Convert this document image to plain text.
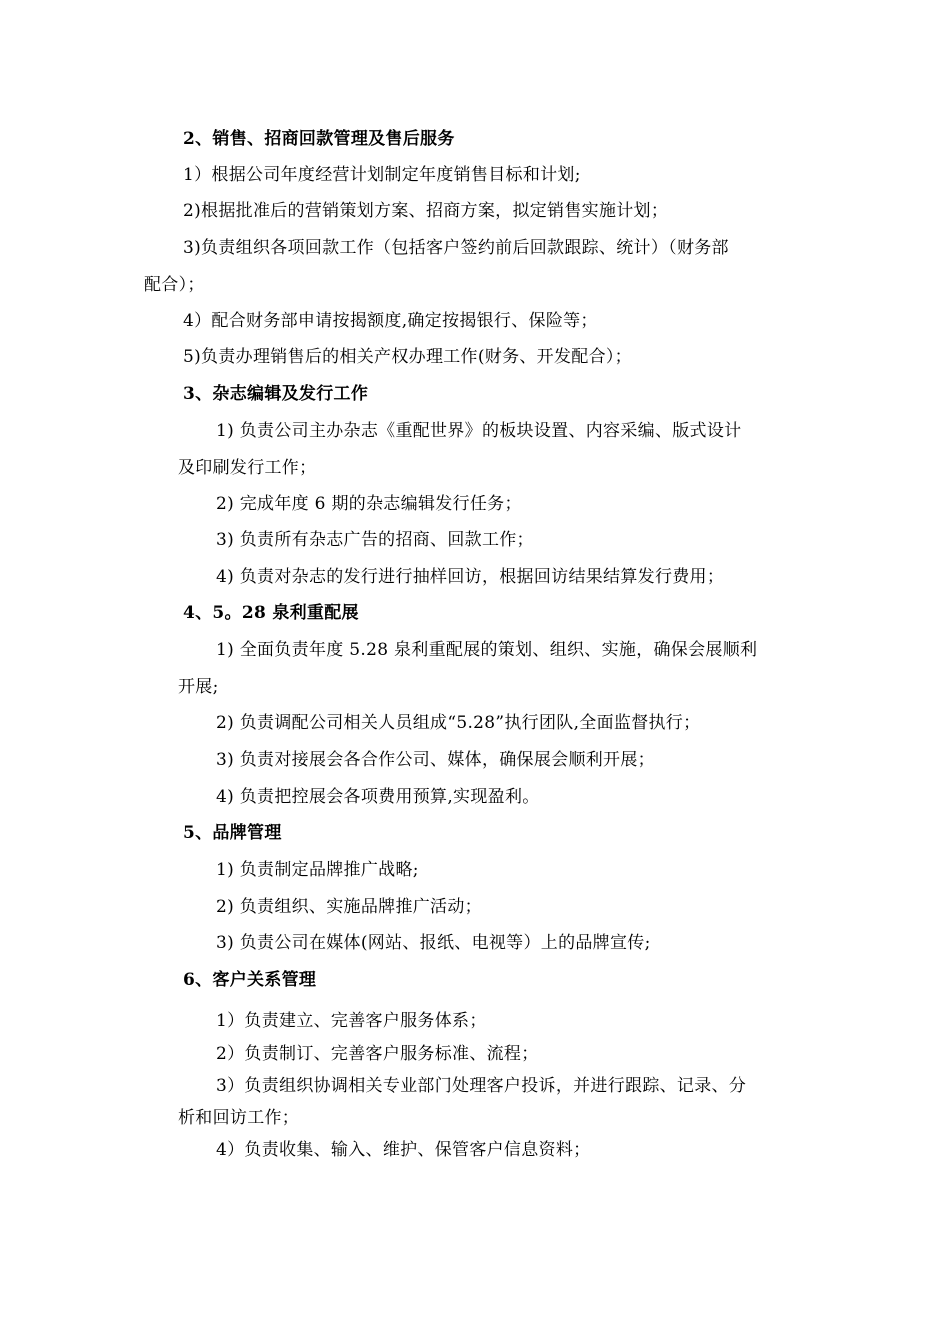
2、销售、招商回款管理及售后服务
1）根据公司年度经营计划制定年度销售目标和计划;
2)根据批准后的营销策划方案、招商方案，拟定销售实施计划；
3)负责组织各项回款工作（包括客户签约前后回款跟踪、统计）（财务部
配合）；
4）配合财务部申请按揭额度,确定按揭银行、保险等；
5)负责办理销售后的相关产权办理工作(财务、开发配合）；
3、杂志编辑及发行工作
1) 负责公司主办杂志《重配世界》的板块设置、内容采编、版式设计
及印刷发行工作；
2) 完成年度 6 期的杂志编辑发行任务；
3) 负责所有杂志广告的招商、回款工作；
4) 负责对杂志的发行进行抽样回访，根据回访结果结算发行费用；
4、5。28 泉利重配展
1) 全面负责年度 5.28 泉利重配展的策划、组织、实施，确保会展顺利
开展;
2) 负责调配公司相关人员组成“5.28”执行团队,全面监督执行；
3) 负责对接展会各合作公司、媒体，确保展会顺利开展；
4) 负责把控展会各项费用预算,实现盈利。
5、品牌管理
1) 负责制定品牌推广战略;
2) 负责组织、实施品牌推广活动；
3) 负责公司在媒体(网站、报纸、电视等）上的品牌宣传;
6、客户关系管理
1）负责建立、完善客户服务体系；
2）负责制订、完善客户服务标准、流程；
3）负责组织协调相关专业部门处理客户投诉，并进行跟踪、记录、分
析和回访工作；
4）负责收集、输入、维护、保管客户信息资料；
